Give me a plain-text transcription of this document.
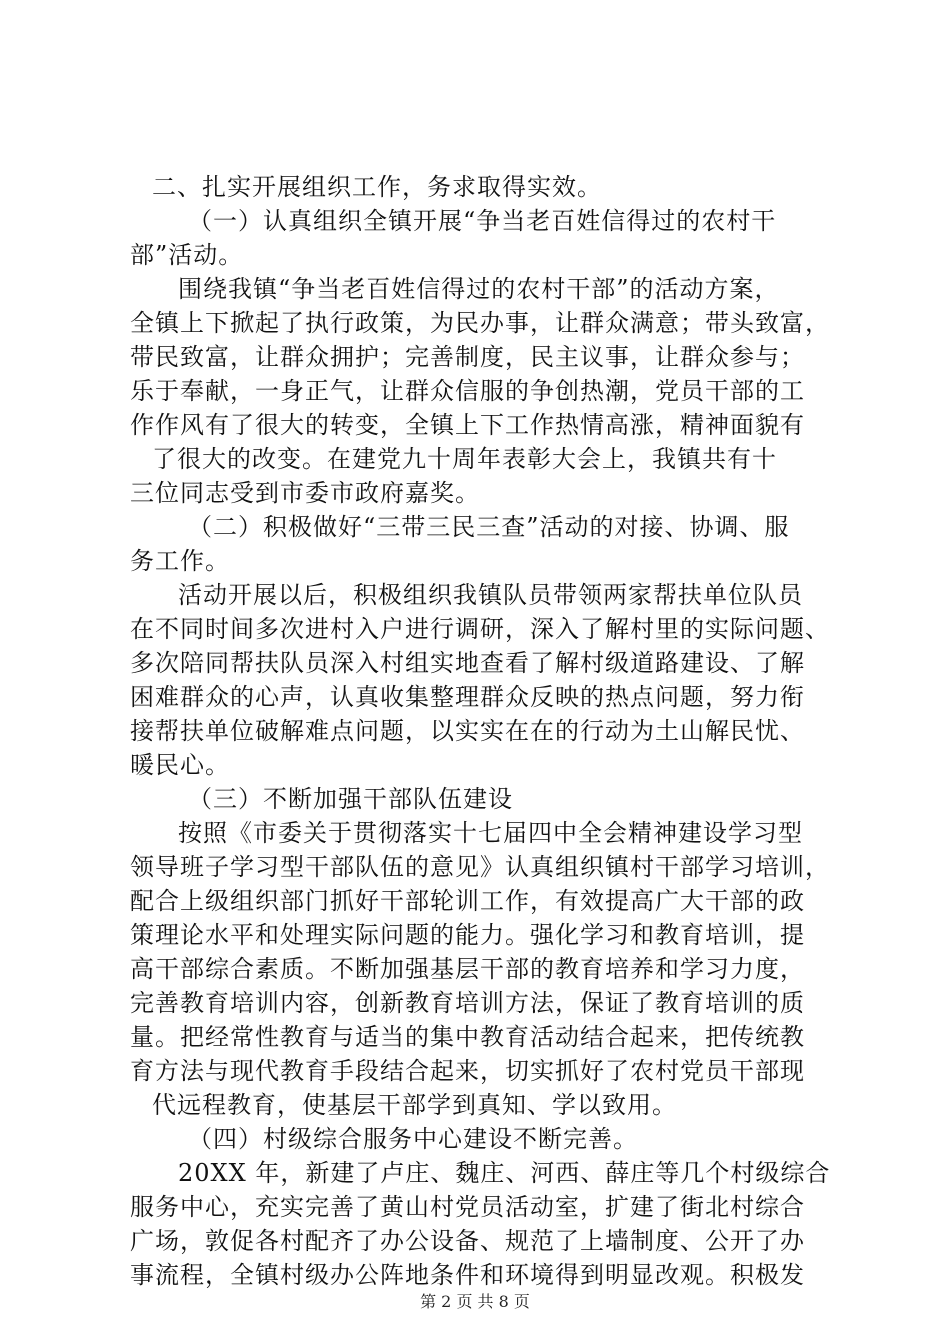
二、扎实开展组织工作，务求取得实效。
（一）认真组织全镇开展“争当老百姓信得过的农村干
部”活动。
围绕我镇“争当老百姓信得过的农村干部”的活动方案，
全镇上下掀起了执行政策，为民办事，让群众满意；带头致富，
带民致富，让群众拥护；完善制度，民主议事，让群众参与；
乐于奉献，一身正气，让群众信服的争创热潮，党员干部的工
作作风有了很大的转变，全镇上下工作热情高涨，精神面貌有
了很大的改变。在建党九十周年表彰大会上，我镇共有十
三位同志受到市委市政府嘉奖。
（二）积极做好“三带三民三查”活动的对接、协调、服
务工作。
活动开展以后，积极组织我镇队员带领两家帮扶单位队员
在不同时间多次进村入户进行调研，深入了解村里的实际问题、
多次陪同帮扶队员深入村组实地查看了解村级道路建设、了解
困难群众的心声，认真收集整理群众反映的热点问题，努力衔
接帮扶单位破解难点问题，以实实在在的行动为土山解民忧、
暖民心。
（三）不断加强干部队伍建设
按照《市委关于贯彻落实十七届四中全会精神建设学习型
领导班子学习型干部队伍的意见》认真组织镇村干部学习培训，
配合上级组织部门抓好干部轮训工作，有效提高广大干部的政
策理论水平和处理实际问题的能力。强化学习和教育培训，提
高干部综合素质。不断加强基层干部的教育培养和学习力度，
完善教育培训内容，创新教育培训方法，保证了教育培训的质
量。把经常性教育与适当的集中教育活动结合起来，把传统教
育方法与现代教育手段结合起来，切实抓好了农村党员干部现
代远程教育，使基层干部学到真知、学以致用。
（四）村级综合服务中心建设不断完善。
20XX 年，新建了卢庄、魏庄、河西、薛庄等几个村级综合
服务中心，充实完善了黄山村党员活动室，扩建了街北村综合
广场，敦促各村配齐了办公设备、规范了上墙制度、公开了办
事流程，全镇村级办公阵地条件和环境得到明显改观。积极发
第 2 页 共 8 页
